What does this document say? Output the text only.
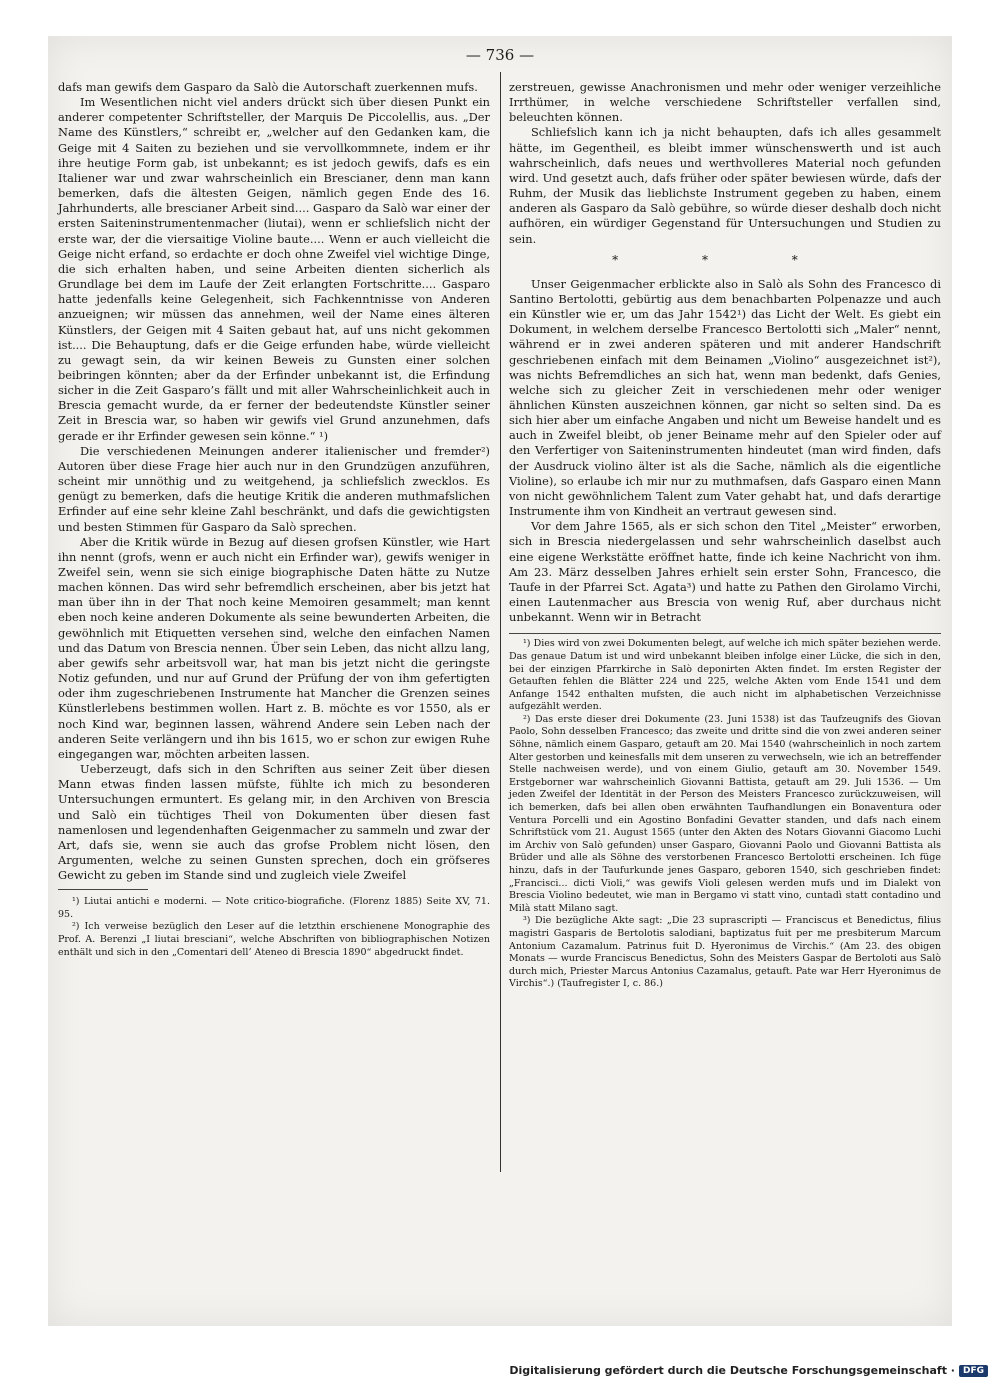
— 736 —

dafs man gewifs dem Gasparo da Salò die Autorschaft zuerkennen mufs.

Im Wesentlichen nicht viel anders drückt sich über diesen Punkt ein anderer competenter Schriftsteller, der Marquis De Piccolellis, aus. „Der Name des Künstlers,“ schreibt er, „welcher auf den Gedanken kam, die Geige mit 4 Saiten zu beziehen und sie vervollkommnete, indem er ihr ihre heutige Form gab, ist unbekannt; es ist jedoch gewifs, dafs es ein Italiener war und zwar wahrscheinlich ein Brescianer, denn man kann bemerken, dafs die ältesten Geigen, nämlich gegen Ende des 16. Jahrhunderts, alle brescianer Arbeit sind.... Gasparo da Salò war einer der ersten Saiteninstrumentenmacher (liutai), wenn er schliefslich nicht der erste war, der die viersaitige Violine baute.... Wenn er auch vielleicht die Geige nicht erfand, so erdachte er doch ohne Zweifel viel wichtige Dinge, die sich erhalten haben, und seine Arbeiten dienten sicherlich als Grundlage bei dem im Laufe der Zeit erlangten Fortschritte.... Gasparo hatte jedenfalls keine Gelegenheit, sich Fachkenntnisse von Anderen anzueignen; wir müssen das annehmen, weil der Name eines älteren Künstlers, der Geigen mit 4 Saiten gebaut hat, auf uns nicht gekommen ist.... Die Behauptung, dafs er die Geige erfunden habe, würde vielleicht zu gewagt sein, da wir keinen Beweis zu Gunsten einer solchen beibringen könnten; aber da der Erfinder unbekannt ist, die Erfindung sicher in die Zeit Gasparo’s fällt und mit aller Wahrscheinlichkeit auch in Brescia gemacht wurde, da er ferner der bedeutendste Künstler seiner Zeit in Brescia war, so haben wir gewifs viel Grund anzunehmen, dafs gerade er ihr Erfinder gewesen sein könne.“ ¹)

Die verschiedenen Meinungen anderer italienischer und fremder²) Autoren über diese Frage hier auch nur in den Grundzügen anzuführen, scheint mir unnöthig und zu weitgehend, ja schliefslich zwecklos. Es genügt zu bemerken, dafs die heutige Kritik die anderen muthmafslichen Erfinder auf eine sehr kleine Zahl beschränkt, und dafs die gewichtigsten und besten Stimmen für Gasparo da Salò sprechen.

Aber die Kritik würde in Bezug auf diesen grofsen Künstler, wie Hart ihn nennt (grofs, wenn er auch nicht ein Erfinder war), gewifs weniger in Zweifel sein, wenn sie sich einige biographische Daten hätte zu Nutze machen können. Das wird sehr befremdlich erscheinen, aber bis jetzt hat man über ihn in der That noch keine Memoiren gesammelt; man kennt eben noch keine anderen Dokumente als seine bewunderten Arbeiten, die gewöhnlich mit Etiquetten versehen sind, welche den einfachen Namen und das Datum von Brescia nennen. Über sein Leben, das nicht allzu lang, aber gewifs sehr arbeitsvoll war, hat man bis jetzt nicht die geringste Notiz gefunden, und nur auf Grund der Prüfung der von ihm gefertigten oder ihm zugeschriebenen Instrumente hat Mancher die Grenzen seines Künstlerlebens bestimmen wollen. Hart z. B. möchte es vor 1550, als er noch Kind war, beginnen lassen, während Andere sein Leben nach der anderen Seite verlängern und ihn bis 1615, wo er schon zur ewigen Ruhe eingegangen war, möchten arbeiten lassen.

Ueberzeugt, dafs sich in den Schriften aus seiner Zeit über diesen Mann etwas finden lassen müfste, fühlte ich mich zu besonderen Untersuchungen ermuntert. Es gelang mir, in den Archiven von Brescia und Salò ein tüchtiges Theil von Dokumenten über diesen fast namenlosen und legendenhaften Geigenmacher zu sammeln und zwar der Art, dafs sie, wenn sie auch das grofse Problem nicht lösen, den Argumenten, welche zu seinen Gunsten sprechen, doch ein gröfseres Gewicht zu geben im Stande sind und zugleich viele Zweifel

¹) Liutai antichi e moderni. — Note critico-biografiche. (Florenz 1885) Seite XV, 71. 95.

²) Ich verweise bezüglich den Leser auf die letzthin erschienene Monographie des Prof. A. Berenzi „I liutai bresciani“, welche Abschriften von bibliographischen Notizen enthält und sich in den „Comentari dell’ Ateneo di Brescia 1890“ abgedruckt findet.

zerstreuen, gewisse Anachronismen und mehr oder weniger verzeihliche Irrthümer, in welche verschiedene Schriftsteller verfallen sind, beleuchten können.

Schliefslich kann ich ja nicht behaupten, dafs ich alles gesammelt hätte, im Gegentheil, es bleibt immer wünschenswerth und ist auch wahrscheinlich, dafs neues und werthvolleres Material noch gefunden wird. Und gesetzt auch, dafs früher oder später bewiesen würde, dafs der Ruhm, der Musik das lieblichste Instrument gegeben zu haben, einem anderen als Gasparo da Salò gebühre, so würde dieser deshalb doch nicht aufhören, ein würdiger Gegenstand für Untersuchungen und Studien zu sein.

* * *

Unser Geigenmacher erblickte also in Salò als Sohn des Francesco di Santino Bertolotti, gebürtig aus dem benachbarten Polpenazze und auch ein Künstler wie er, um das Jahr 1542¹) das Licht der Welt. Es giebt ein Dokument, in welchem derselbe Francesco Bertolotti sich „Maler“ nennt, während er in zwei anderen späteren und mit anderer Handschrift geschriebenen einfach mit dem Beinamen „Violino“ ausgezeichnet ist²), was nichts Befremdliches an sich hat, wenn man bedenkt, dafs Genies, welche sich zu gleicher Zeit in verschiedenen mehr oder weniger ähnlichen Künsten auszeichnen können, gar nicht so selten sind. Da es sich hier aber um einfache Angaben und nicht um Beweise handelt und es auch in Zweifel bleibt, ob jener Beiname mehr auf den Spieler oder auf den Verfertiger von Saiteninstrumenten hindeutet (man wird finden, dafs der Ausdruck violino älter ist als die Sache, nämlich als die eigentliche Violine), so erlaube ich mir nur zu muthmafsen, dafs Gasparo einen Mann von nicht gewöhnlichem Talent zum Vater gehabt hat, und dafs derartige Instrumente ihm von Kindheit an vertraut gewesen sind.

Vor dem Jahre 1565, als er sich schon den Titel „Meister“ erworben, sich in Brescia niedergelassen und sehr wahrscheinlich daselbst auch eine eigene Werkstätte eröffnet hatte, finde ich keine Nachricht von ihm. Am 23. März desselben Jahres erhielt sein erster Sohn, Francesco, die Taufe in der Pfarrei Sct. Agata³) und hatte zu Pathen den Girolamo Virchi, einen Lautenmacher aus Brescia von wenig Ruf, aber durchaus nicht unbekannt. Wenn wir in Betracht

¹) Dies wird von zwei Dokumenten belegt, auf welche ich mich später beziehen werde. Das genaue Datum ist und wird unbekannt bleiben infolge einer Lücke, die sich in den, bei der einzigen Pfarrkirche in Salò deponirten Akten findet. Im ersten Register der Getauften fehlen die Blätter 224 und 225, welche Akten vom Ende 1541 und dem Anfange 1542 enthalten mufsten, die auch nicht im alphabetischen Verzeichnisse aufgezählt werden.

²) Das erste dieser drei Dokumente (23. Juni 1538) ist das Taufzeugnifs des Giovan Paolo, Sohn desselben Francesco; das zweite und dritte sind die von zwei anderen seiner Söhne, nämlich einem Gasparo, getauft am 20. Mai 1540 (wahrscheinlich in noch zartem Alter gestorben und keinesfalls mit dem unseren zu verwechseln, wie ich an betreffender Stelle nachweisen werde), und von einem Giulio, getauft am 30. November 1549. Erstgeborner war wahrscheinlich Giovanni Battista, getauft am 29. Juli 1536. — Um jeden Zweifel der Identität in der Person des Meisters Francesco zurückzuweisen, will ich bemerken, dafs bei allen oben erwähnten Taufhandlungen ein Bonaventura oder Ventura Porcelli und ein Agostino Bonfadini Gevatter standen, und dafs nach einem Schriftstück vom 21. August 1565 (unter den Akten des Notars Giovanni Giacomo Luchi im Archiv von Salò gefunden) unser Gasparo, Giovanni Paolo und Giovanni Battista als Brüder und alle als Söhne des verstorbenen Francesco Bertolotti erscheinen. Ich füge hinzu, dafs in der Taufurkunde jenes Gasparo, geboren 1540, sich geschrieben findet: „Francisci... dicti Violi,“ was gewifs Violi gelesen werden mufs und im Dialekt von Brescia Violino bedeutet, wie man in Bergamo vi statt vino, cuntadì statt contadino und Milà statt Milano sagt.

³) Die bezügliche Akte sagt: „Die 23 suprascripti — Franciscus et Benedictus, filius magistri Gasparis de Bertolotis salodiani, baptizatus fuit per me presbiterum Marcum Antonium Cazamalum. Patrinus fuit D. Hyeronimus de Virchis.“ (Am 23. des obigen Monats — wurde Franciscus Benedictus, Sohn des Meisters Gaspar de Bertoloti aus Salò durch mich, Priester Marcus Antonius Cazamalus, getauft. Pate war Herr Hyeronimus de Virchis“.) (Taufregister I, c. 86.)

Digitalisierung gefördert durch die Deutsche Forschungsgemeinschaft · DFG
